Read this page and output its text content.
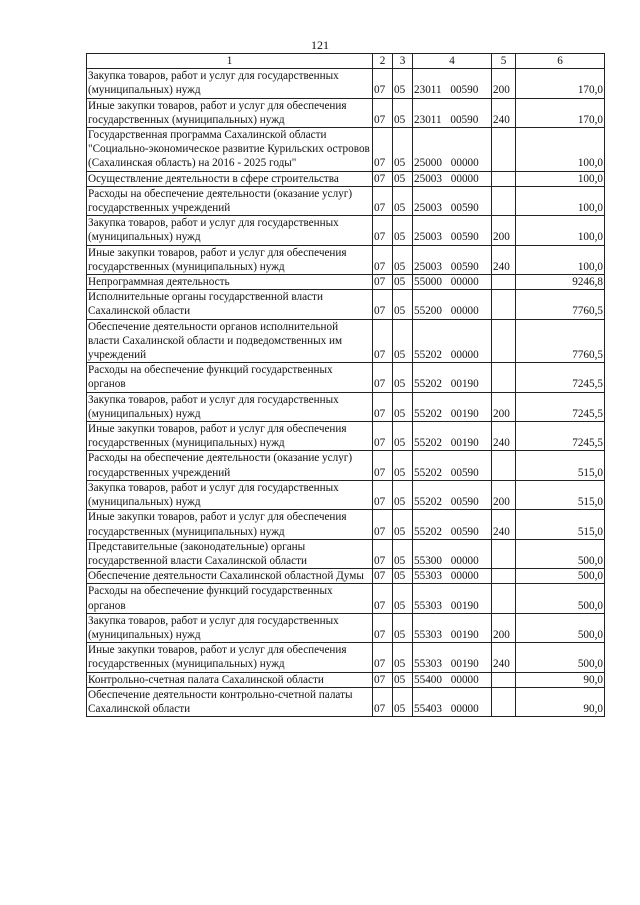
121
1	2	3	4	5	6
Закупка товаров, работ и услуг для государственных (муниципальных) нужд	07	05	23011 00590	200	170,0
Иные закупки товаров, работ и услуг для обеспечения государственных (муниципальных) нужд	07	05	23011 00590	240	170,0
Государственная программа Сахалинской области "Социально-экономическое развитие Курильских островов (Сахалинская область) на 2016 - 2025 годы"	07	05	25000 00000		100,0
Осуществление деятельности в сфере строительства	07	05	25003 00000		100,0
Расходы на обеспечение деятельности (оказание услуг) государственных учреждений	07	05	25003 00590		100,0
Закупка товаров, работ и услуг для государственных (муниципальных) нужд	07	05	25003 00590	200	100,0
Иные закупки товаров, работ и услуг для обеспечения государственных (муниципальных) нужд	07	05	25003 00590	240	100,0
Непрограммная деятельность	07	05	55000 00000		9246,8
Исполнительные органы государственной власти Сахалинской области	07	05	55200 00000		7760,5
Обеспечение деятельности органов исполнительной власти Сахалинской области и подведомственных им учреждений	07	05	55202 00000		7760,5
Расходы на обеспечение функций государственных органов	07	05	55202 00190		7245,5
Закупка товаров, работ и услуг для государственных (муниципальных) нужд	07	05	55202 00190	200	7245,5
Иные закупки товаров, работ и услуг для обеспечения государственных (муниципальных) нужд	07	05	55202 00190	240	7245,5
Расходы на обеспечение деятельности (оказание услуг) государственных учреждений	07	05	55202 00590		515,0
Закупка товаров, работ и услуг для государственных (муниципальных) нужд	07	05	55202 00590	200	515,0
Иные закупки товаров, работ и услуг для обеспечения государственных (муниципальных) нужд	07	05	55202 00590	240	515,0
Представительные (законодательные) органы государственной власти Сахалинской области	07	05	55300 00000		500,0
Обеспечение деятельности Сахалинской областной Думы	07	05	55303 00000		500,0
Расходы на обеспечение функций государственных органов	07	05	55303 00190		500,0
Закупка товаров, работ и услуг для государственных (муниципальных) нужд	07	05	55303 00190	200	500,0
Иные закупки товаров, работ и услуг для обеспечения государственных (муниципальных) нужд	07	05	55303 00190	240	500,0
Контрольно-счетная палата Сахалинской области	07	05	55400 00000		90,0
Обеспечение деятельности контрольно-счетной палаты Сахалинской области	07	05	55403 00000		90,0
